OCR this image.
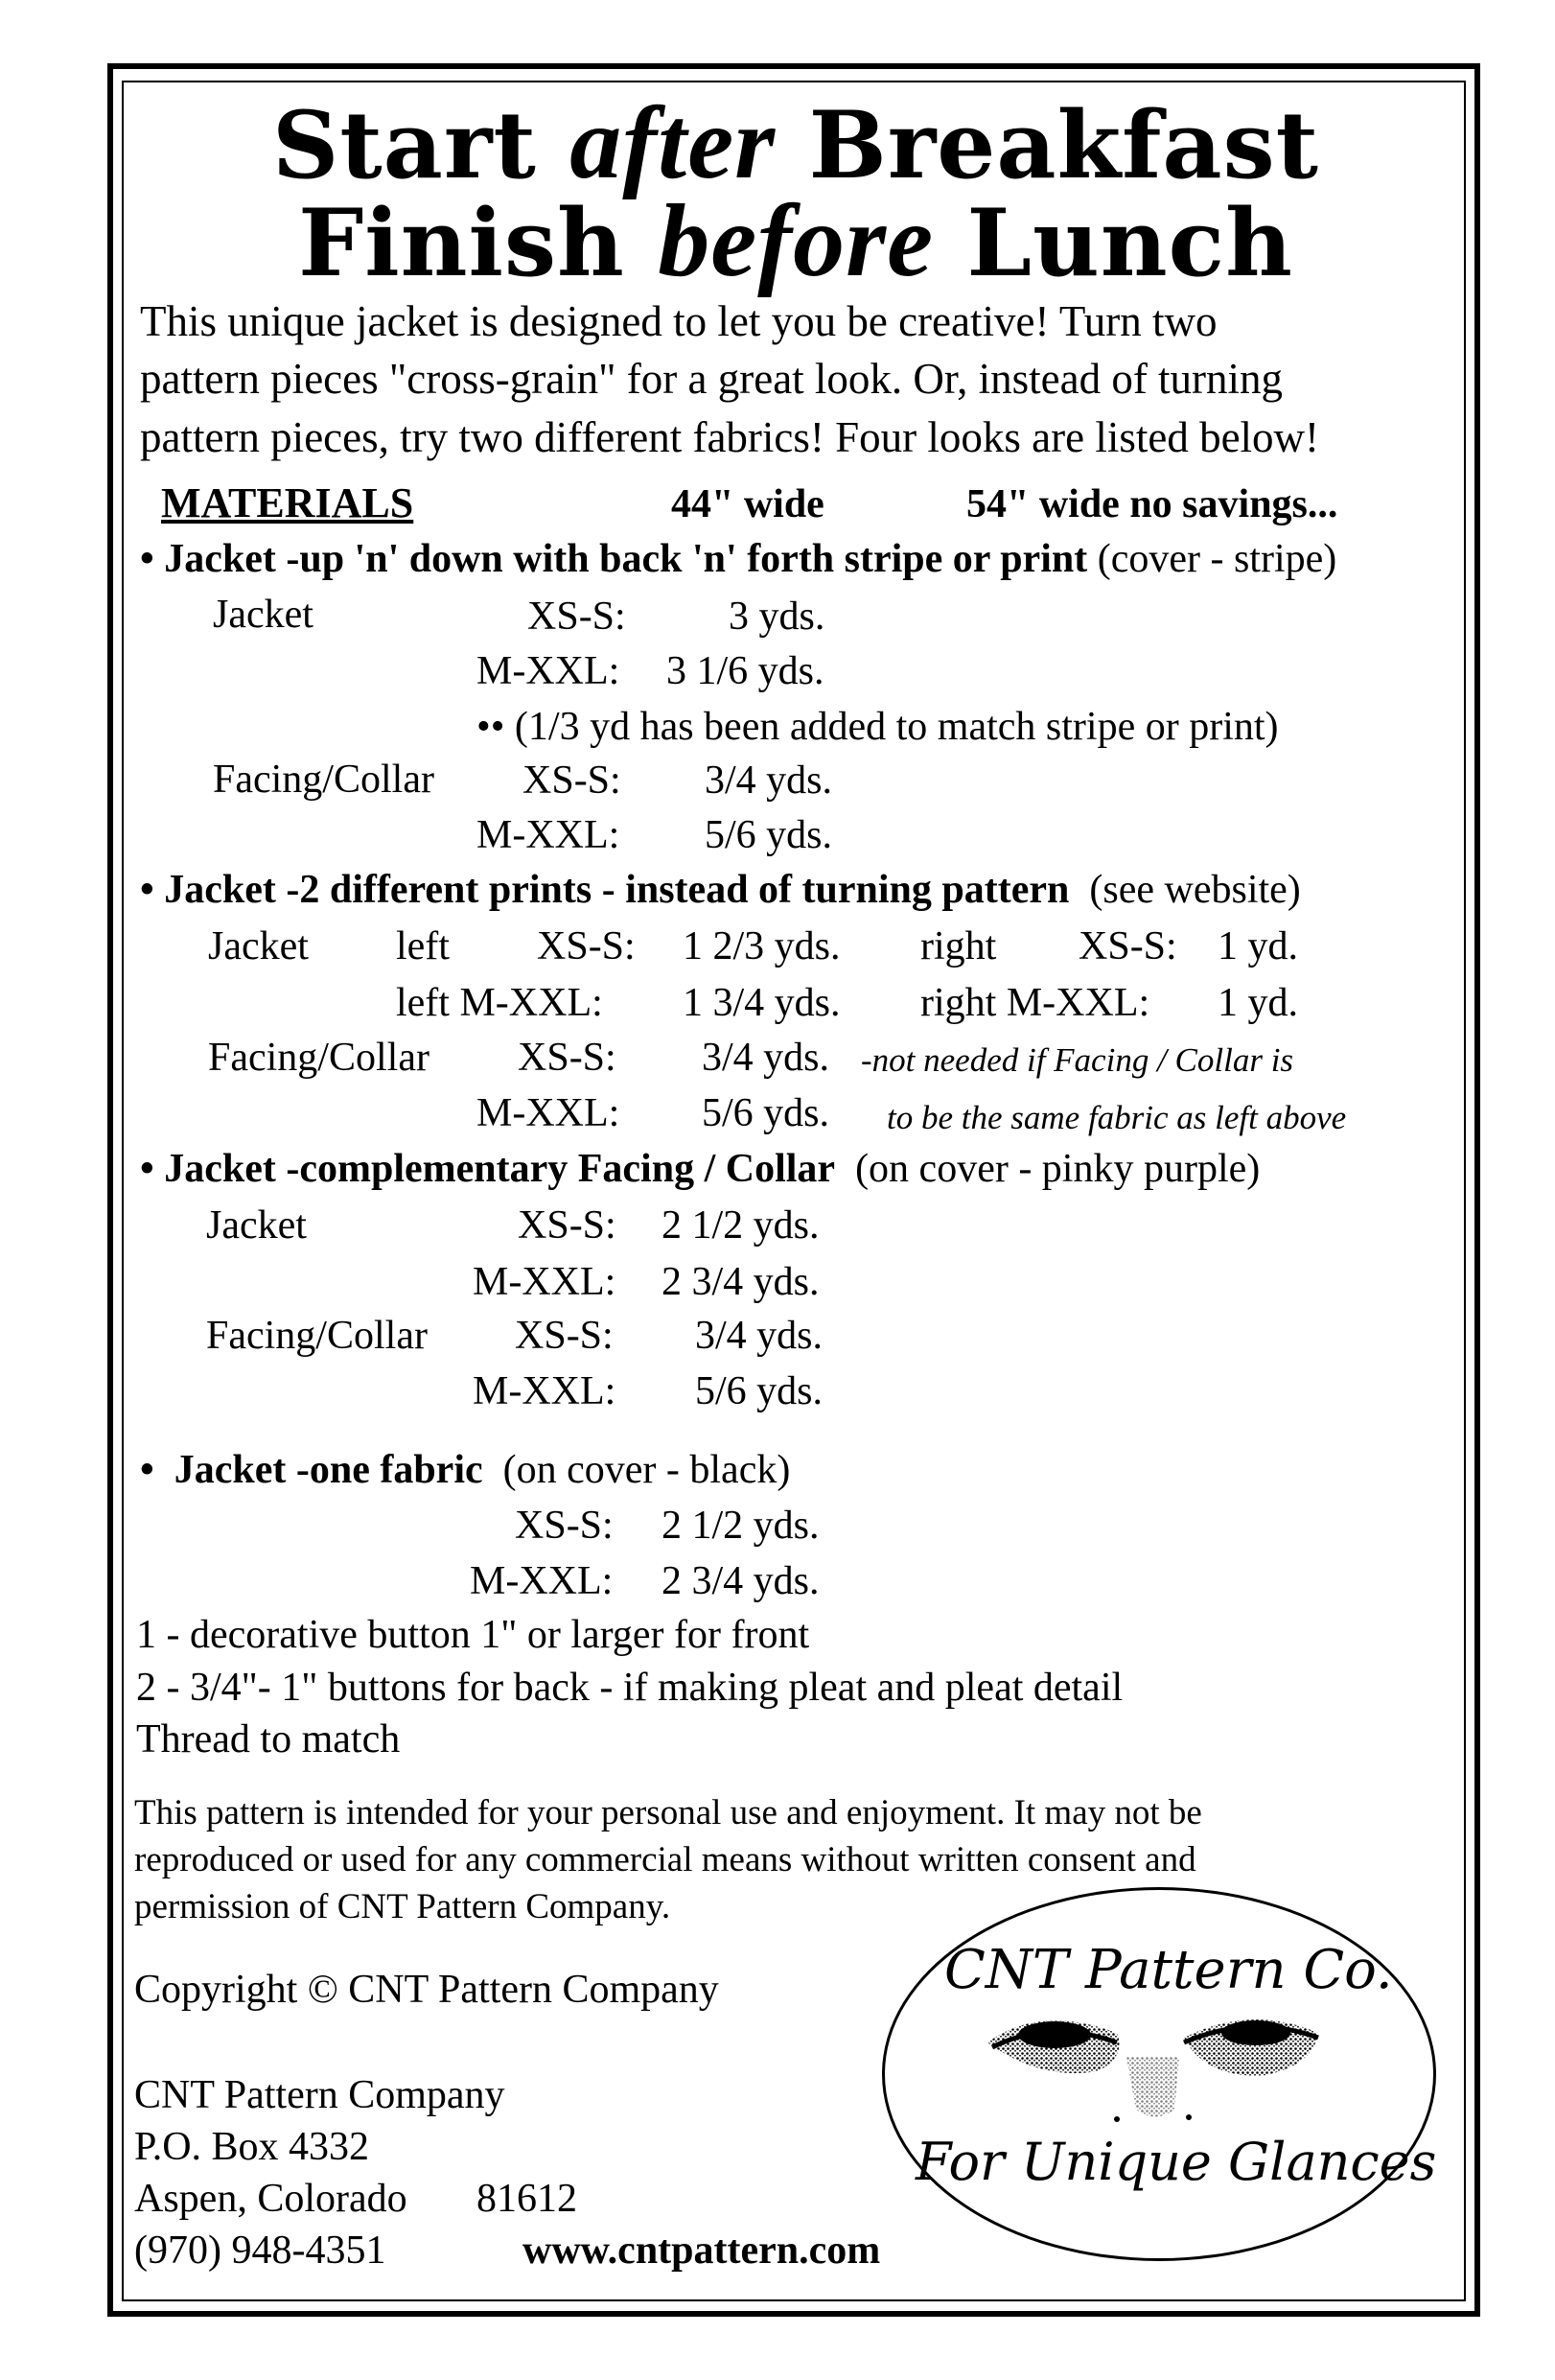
Start after Breakfast
Finish before Lunch
This unique jacket is designed to let you be creative! Turn two
pattern pieces "cross-grain" for a great look. Or, instead of turning
pattern pieces, try two different fabrics! Four looks are listed below!
MATERIALS	44" wide	54" wide no savings...
• Jacket -up 'n' down with back 'n' forth stripe or print (cover - stripe)
Jacket	XS-S:	3 yds.
M-XXL: 3 1/6 yds.
•• (1/3 yd has been added to match stripe or print)
Facing/Collar XS-S: 3/4 yds.
M-XXL: 5/6 yds.
• Jacket -2 different prints - instead of turning pattern (see website)
Jacket left XS-S: 1 2/3 yds. right XS-S: 1 yd.
left M-XXL: 1 3/4 yds. right M-XXL: 1 yd.
Facing/Collar XS-S: 3/4 yds. -not needed if Facing / Collar is
M-XXL: 5/6 yds. to be the same fabric as left above
• Jacket -complementary Facing / Collar (on cover - pinky purple)
Jacket	XS-S: 2 1/2 yds.
M-XXL: 2 3/4 yds.
Facing/Collar XS-S: 3/4 yds.
M-XXL: 5/6 yds.
• Jacket -one fabric (on cover - black)
XS-S: 2 1/2 yds.
M-XXL: 2 3/4 yds.
1 - decorative button 1" or larger for front
2 - 3/4"- 1" buttons for back - if making pleat and pleat detail
Thread to match
This pattern is intended for your personal use and enjoyment. It may not be
reproduced or used for any commercial means without written consent and
permission of CNT Pattern Company.
CNT Pattern Co.
For Unique Glances
Copyright © CNT Pattern Company
CNT Pattern Company
P.O. Box 4332
Aspen, Colorado 81612
(970) 948-4351	www.cntpattern.com
